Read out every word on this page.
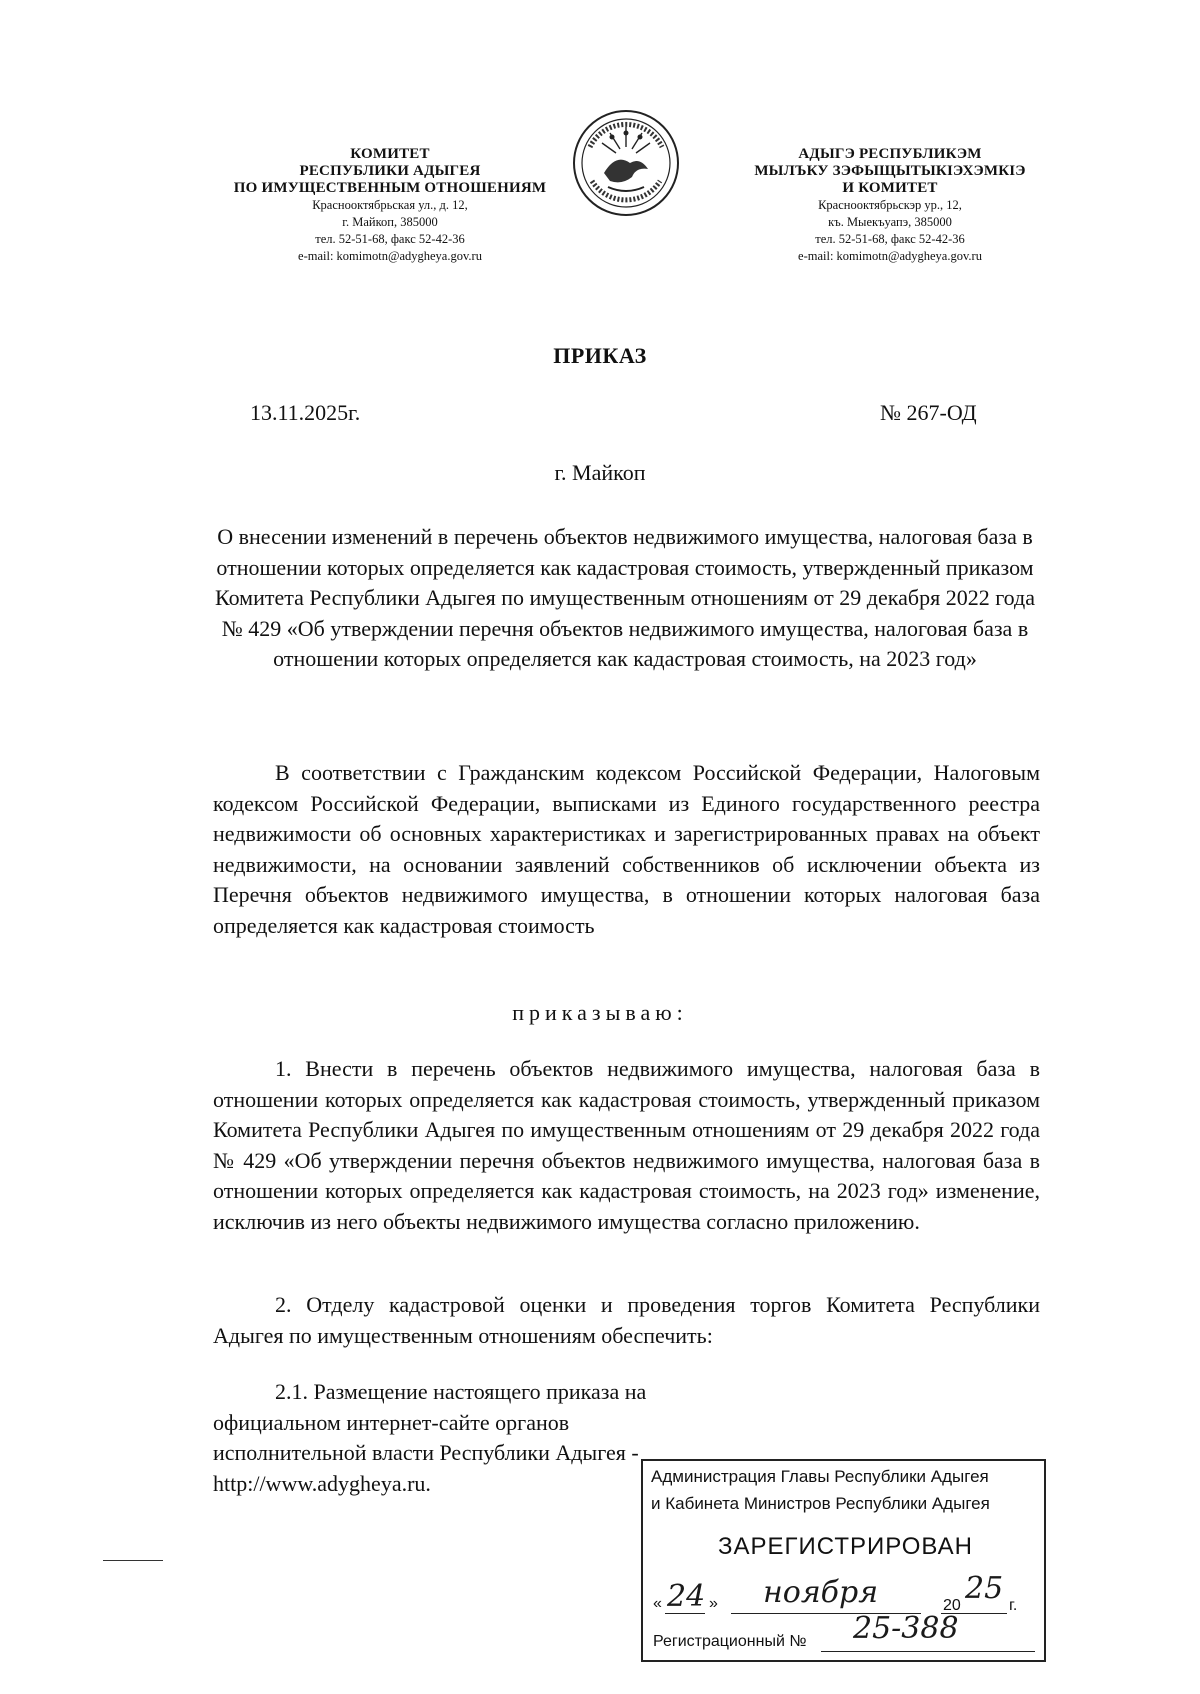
КОМИТЕТ
РЕСПУБЛИКИ АДЫГЕЯ
ПО ИМУЩЕСТВЕННЫМ ОТНОШЕНИЯМ
Краснооктябрьская ул., д. 12,
г. Майкоп, 385000
тел. 52-51-68, факс 52-42-36
e-mail: komimotn@adygheya.gov.ru
АДЫГЭ РЕСПУБЛИКЭМ
МЫЛЪКУ ЗЭФЫЩЫТЫКІЭХЭМКІЭ
И КОМИТЕТ
Краснооктябрьскэр ур., 12,
къ. Мыекъуапэ, 385000
тел. 52-51-68, факс 52-42-36
e-mail: komimotn@adygheya.gov.ru
ПРИКАЗ
13.11.2025г.	№ 267-ОД
г. Майкоп
О внесении изменений в перечень объектов недвижимого имущества, налоговая база в отношении которых определяется как кадастровая стоимость, утвержденный приказом Комитета Республики Адыгея по имущественным отношениям от 29 декабря 2022 года № 429 «Об утверждении перечня объектов недвижимого имущества, налоговая база в отношении которых определяется как кадастровая стоимость, на 2023 год»
В соответствии с Гражданским кодексом Российской Федерации, Налоговым кодексом Российской Федерации, выписками из Единого государственного реестра недвижимости об основных характеристиках и зарегистрированных правах на объект недвижимости, на основании заявлений собственников об исключении объекта из Перечня объектов недвижимого имущества, в отношении которых налоговая база определяется как кадастровая стоимость
приказываю:
1. Внести в перечень объектов недвижимого имущества, налоговая база в отношении которых определяется как кадастровая стоимость, утвержденный приказом Комитета Республики Адыгея по имущественным отношениям от 29 декабря 2022 года № 429 «Об утверждении перечня объектов недвижимого имущества, налоговая база в отношении которых определяется как кадастровая стоимость, на 2023 год» изменение, исключив из него объекты недвижимого имущества согласно приложению.
2. Отделу кадастровой оценки и проведения торгов Комитета Республики Адыгея по имущественным отношениям обеспечить:
2.1. Размещение настоящего приказа на официальном интернет-сайте органов исполнительной власти Республики Адыгея - http://www.adygheya.ru.	Администрация Главы Республики Адыгея
и Кабинета Министров Республики Адыгея
ЗАРЕГИСТРИРОВАН
« 24 » ноября	20 25 г.
Регистрационный № 25-388
